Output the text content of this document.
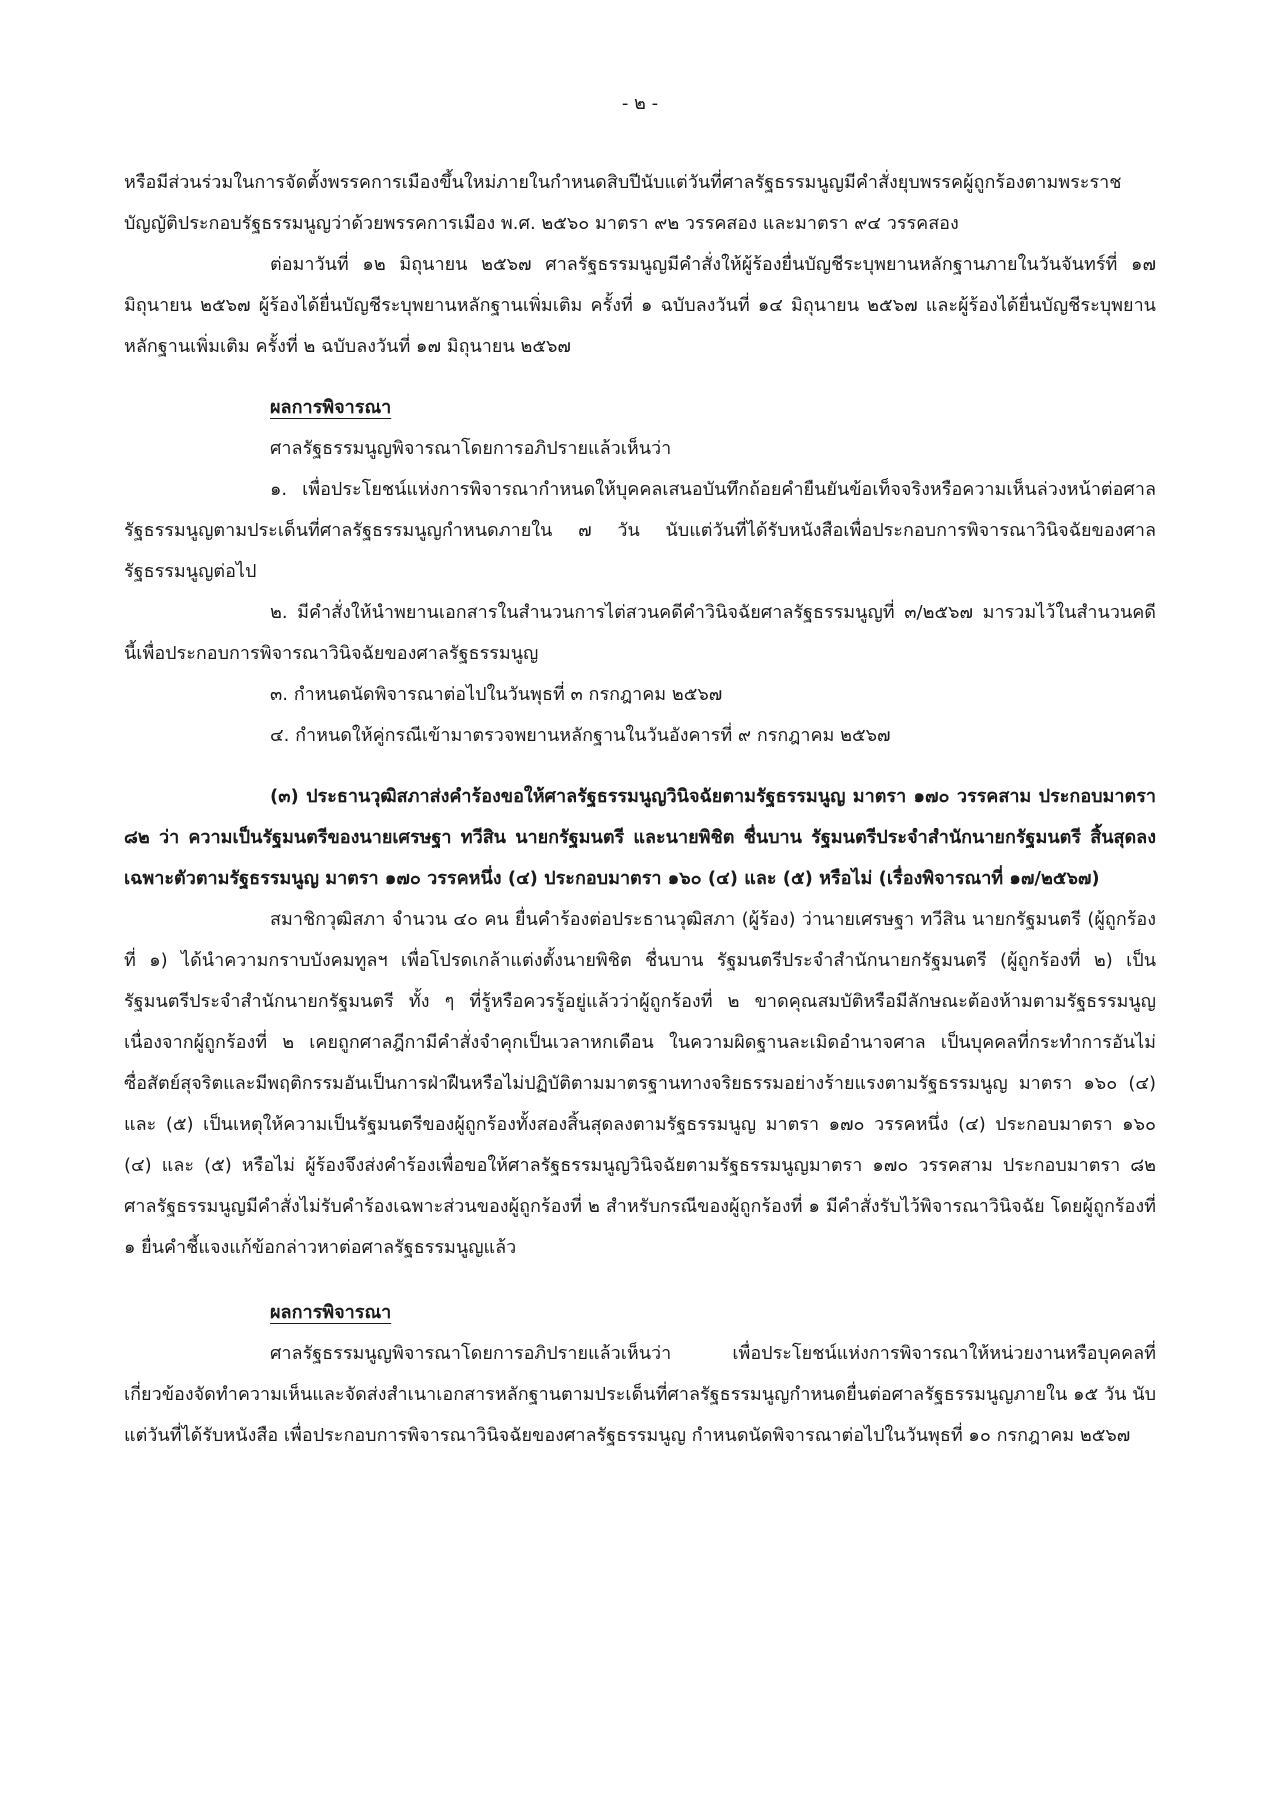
- ๒ -

หรือมีส่วนร่วมในการจัดตั้งพรรคการเมืองขึ้นใหม่ภายในกำหนดสิบปีนับแต่วันที่ศาลรัฐธรรมนูญมีคำสั่งยุบพรรคผู้ถูกร้องตามพระราชบัญญัติประกอบรัฐธรรมนูญว่าด้วยพรรคการเมือง พ.ศ. ๒๕๖๐ มาตรา ๙๒ วรรคสอง และมาตรา ๙๔ วรรคสอง

ต่อมาวันที่ ๑๒ มิถุนายน ๒๕๖๗ ศาลรัฐธรรมนูญมีคำสั่งให้ผู้ร้องยื่นบัญชีระบุพยานหลักฐานภายในวันจันทร์ที่ ๑๗ มิถุนายน ๒๕๖๗ ผู้ร้องได้ยื่นบัญชีระบุพยานหลักฐานเพิ่มเติม ครั้งที่ ๑ ฉบับลงวันที่ ๑๔ มิถุนายน ๒๕๖๗ และผู้ร้องได้ยื่นบัญชีระบุพยานหลักฐานเพิ่มเติม ครั้งที่ ๒ ฉบับลงวันที่ ๑๗ มิถุนายน ๒๕๖๗

ผลการพิจารณา

ศาลรัฐธรรมนูญพิจารณาโดยการอภิปรายแล้วเห็นว่า

๑. เพื่อประโยชน์แห่งการพิจารณากำหนดให้บุคคลเสนอบันทึกถ้อยคำยืนยันข้อเท็จจริงหรือความเห็นล่วงหน้าต่อศาลรัฐธรรมนูญตามประเด็นที่ศาลรัฐธรรมนูญกำหนดภายใน ๗ วัน นับแต่วันที่ได้รับหนังสือเพื่อประกอบการพิจารณาวินิจฉัยของศาลรัฐธรรมนูญต่อไป

๒. มีคำสั่งให้นำพยานเอกสารในสำนวนการไต่สวนคดีคำวินิจฉัยศาลรัฐธรรมนูญที่ ๓/๒๕๖๗ มารวมไว้ในสำนวนคดีนี้เพื่อประกอบการพิจารณาวินิจฉัยของศาลรัฐธรรมนูญ

๓. กำหนดนัดพิจารณาต่อไปในวันพุธที่ ๓ กรกฎาคม ๒๕๖๗

๔. กำหนดให้คู่กรณีเข้ามาตรวจพยานหลักฐานในวันอังคารที่ ๙ กรกฎาคม ๒๕๖๗

(๓) ประธานวุฒิสภาส่งคำร้องขอให้ศาลรัฐธรรมนูญวินิจฉัยตามรัฐธรรมนูญ มาตรา ๑๗๐ วรรคสาม ประกอบมาตรา ๘๒ ว่า ความเป็นรัฐมนตรีของนายเศรษฐา ทวีสิน นายกรัฐมนตรี และนายพิชิต ชื่นบาน รัฐมนตรีประจำสำนักนายกรัฐมนตรี สิ้นสุดลงเฉพาะตัวตามรัฐธรรมนูญ มาตรา ๑๗๐ วรรคหนึ่ง (๔) ประกอบมาตรา ๑๖๐ (๔) และ (๕) หรือไม่ (เรื่องพิจารณาที่ ๑๗/๒๕๖๗)

สมาชิกวุฒิสภา จำนวน ๔๐ คน ยื่นคำร้องต่อประธานวุฒิสภา (ผู้ร้อง) ว่านายเศรษฐา ทวีสิน นายกรัฐมนตรี (ผู้ถูกร้องที่ ๑) ได้นำความกราบบังคมทูลฯ เพื่อโปรดเกล้าแต่งตั้งนายพิชิต ชื่นบาน รัฐมนตรีประจำสำนักนายกรัฐมนตรี (ผู้ถูกร้องที่ ๒) เป็นรัฐมนตรีประจำสำนักนายกรัฐมนตรี ทั้ง ๆ ที่รู้หรือควรรู้อยู่แล้วว่าผู้ถูกร้องที่ ๒ ขาดคุณสมบัติหรือมีลักษณะต้องห้ามตามรัฐธรรมนูญ เนื่องจากผู้ถูกร้องที่ ๒ เคยถูกศาลฎีกามีคำสั่งจำคุกเป็นเวลาหกเดือน ในความผิดฐานละเมิดอำนาจศาล เป็นบุคคลที่กระทำการอันไม่ซื่อสัตย์สุจริตและมีพฤติกรรมอันเป็นการฝ่าฝืนหรือไม่ปฏิบัติตามมาตรฐานทางจริยธรรมอย่างร้ายแรงตามรัฐธรรมนูญ มาตรา ๑๖๐ (๔) และ (๕) เป็นเหตุให้ความเป็นรัฐมนตรีของผู้ถูกร้องทั้งสองสิ้นสุดลงตามรัฐธรรมนูญ มาตรา ๑๗๐ วรรคหนึ่ง (๔) ประกอบมาตรา ๑๖๐ (๔) และ (๕) หรือไม่ ผู้ร้องจึงส่งคำร้องเพื่อขอให้ศาลรัฐธรรมนูญวินิจฉัยตามรัฐธรรมนูญมาตรา ๑๗๐ วรรคสาม ประกอบมาตรา ๘๒ ศาลรัฐธรรมนูญมีคำสั่งไม่รับคำร้องเฉพาะส่วนของผู้ถูกร้องที่ ๒ สำหรับกรณีของผู้ถูกร้องที่ ๑ มีคำสั่งรับไว้พิจารณาวินิจฉัย โดยผู้ถูกร้องที่ ๑ ยื่นคำชี้แจงแก้ข้อกล่าวหาต่อศาลรัฐธรรมนูญแล้ว

ผลการพิจารณา

ศาลรัฐธรรมนูญพิจารณาโดยการอภิปรายแล้วเห็นว่า เพื่อประโยชน์แห่งการพิจารณาให้หน่วยงานหรือบุคคลที่เกี่ยวข้องจัดทำความเห็นและจัดส่งสำเนาเอกสารหลักฐานตามประเด็นที่ศาลรัฐธรรมนูญกำหนดยื่นต่อศาลรัฐธรรมนูญภายใน ๑๕ วัน นับแต่วันที่ได้รับหนังสือ เพื่อประกอบการพิจารณาวินิจฉัยของศาลรัฐธรรมนูญ กำหนดนัดพิจารณาต่อไปในวันพุธที่ ๑๐ กรกฎาคม ๒๕๖๗
